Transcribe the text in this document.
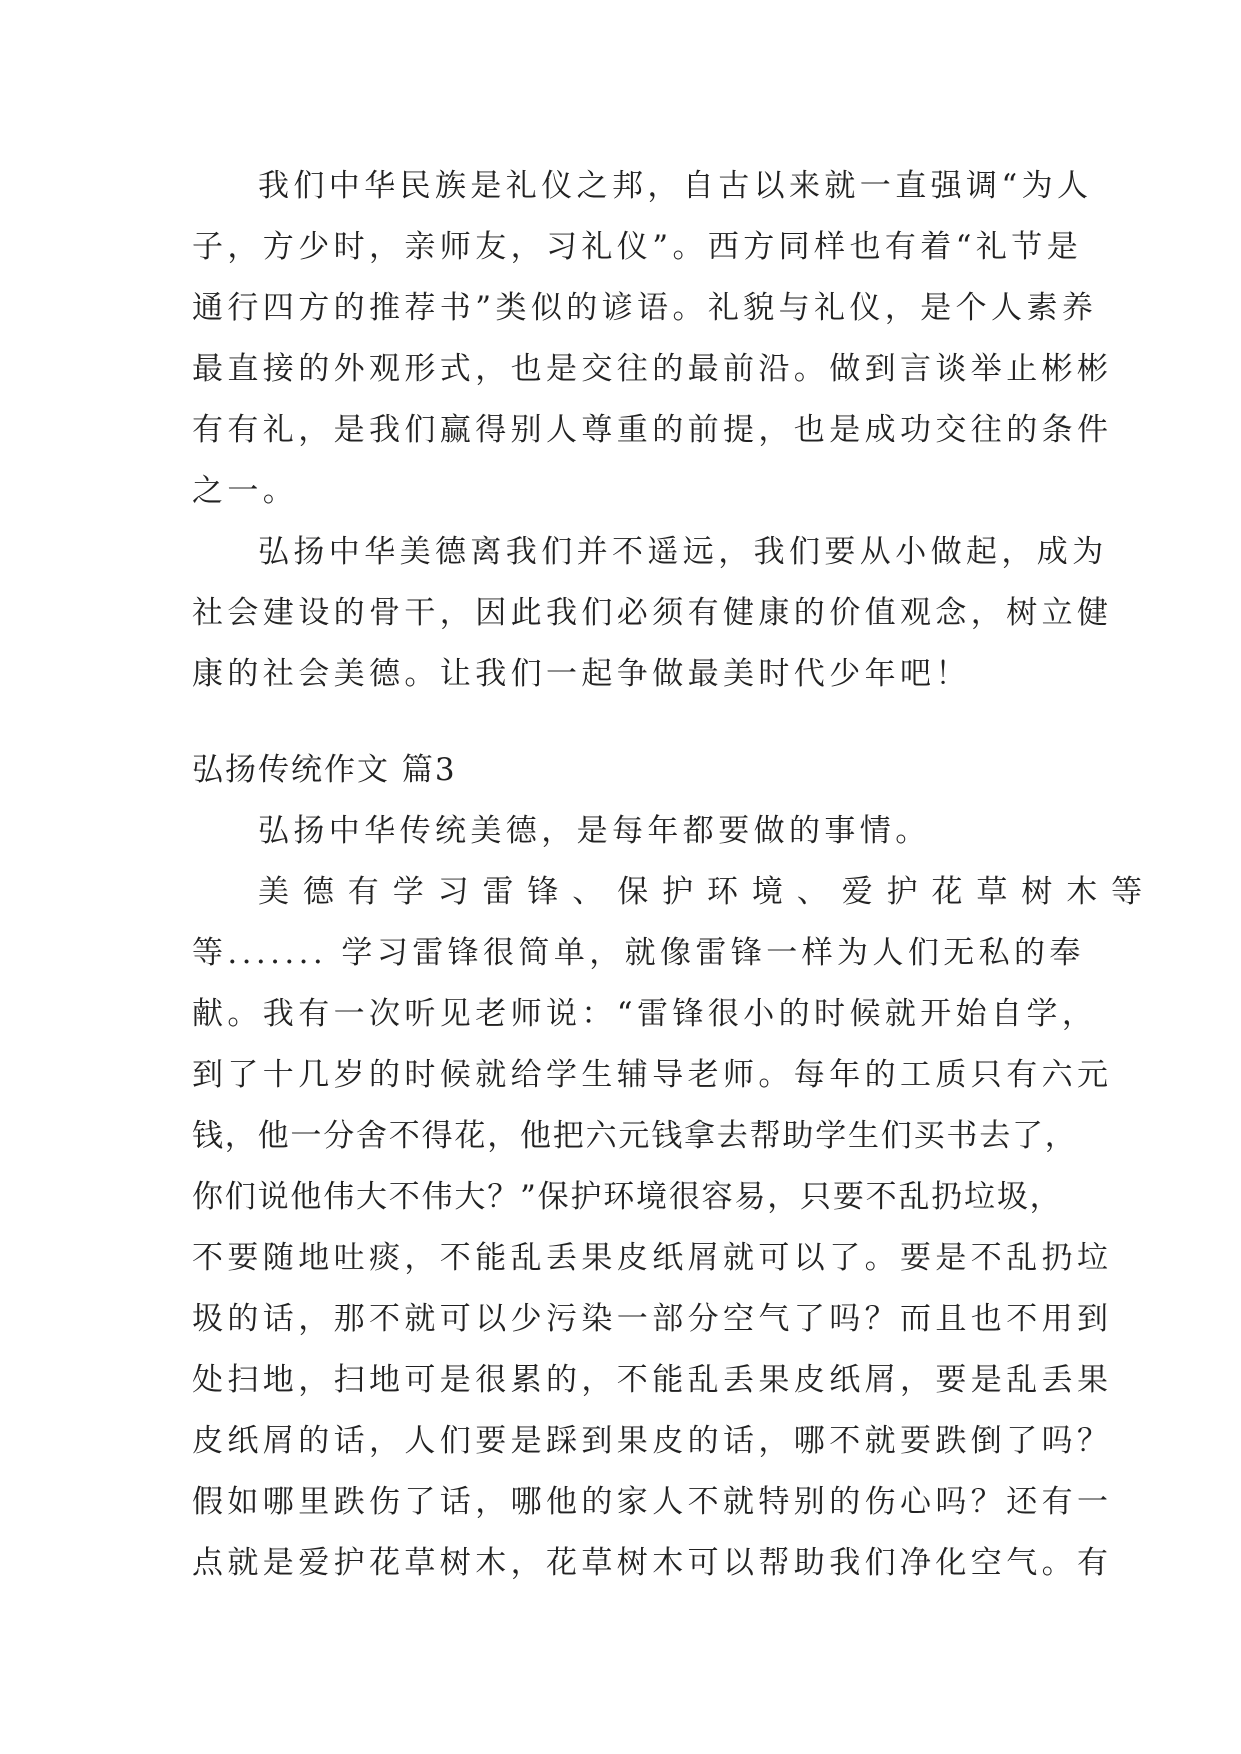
我们中华民族是礼仪之邦，自古以来就一直强调“为人
子，方少时，亲师友，习礼仪”。西方同样也有着“礼节是
通行四方的推荐书”类似的谚语。礼貌与礼仪，是个人素养
最直接的外观形式，也是交往的最前沿。做到言谈举止彬彬
有有礼，是我们赢得别人尊重的前提，也是成功交往的条件
之一。
弘扬中华美德离我们并不遥远，我们要从小做起，成为
社会建设的骨干，因此我们必须有健康的价值观念，树立健
康的社会美德。让我们一起争做最美时代少年吧！
弘扬传统作文 篇3
弘扬中华传统美德，是每年都要做的事情。
美德有学习雷锋、保护环境、爱护花草树木等
等....... 学习雷锋很简单，就像雷锋一样为人们无私的奉
献。我有一次听见老师说：“雷锋很小的时候就开始自学，
到了十几岁的时候就给学生辅导老师。每年的工质只有六元
钱，他一分舍不得花，他把六元钱拿去帮助学生们买书去了，
你们说他伟大不伟大？”保护环境很容易，只要不乱扔垃圾，
不要随地吐痰，不能乱丢果皮纸屑就可以了。要是不乱扔垃
圾的话，那不就可以少污染一部分空气了吗？而且也不用到
处扫地，扫地可是很累的，不能乱丢果皮纸屑，要是乱丢果
皮纸屑的话，人们要是踩到果皮的话，哪不就要跌倒了吗？
假如哪里跌伤了话，哪他的家人不就特别的伤心吗？还有一
点就是爱护花草树木，花草树木可以帮助我们净化空气。有
